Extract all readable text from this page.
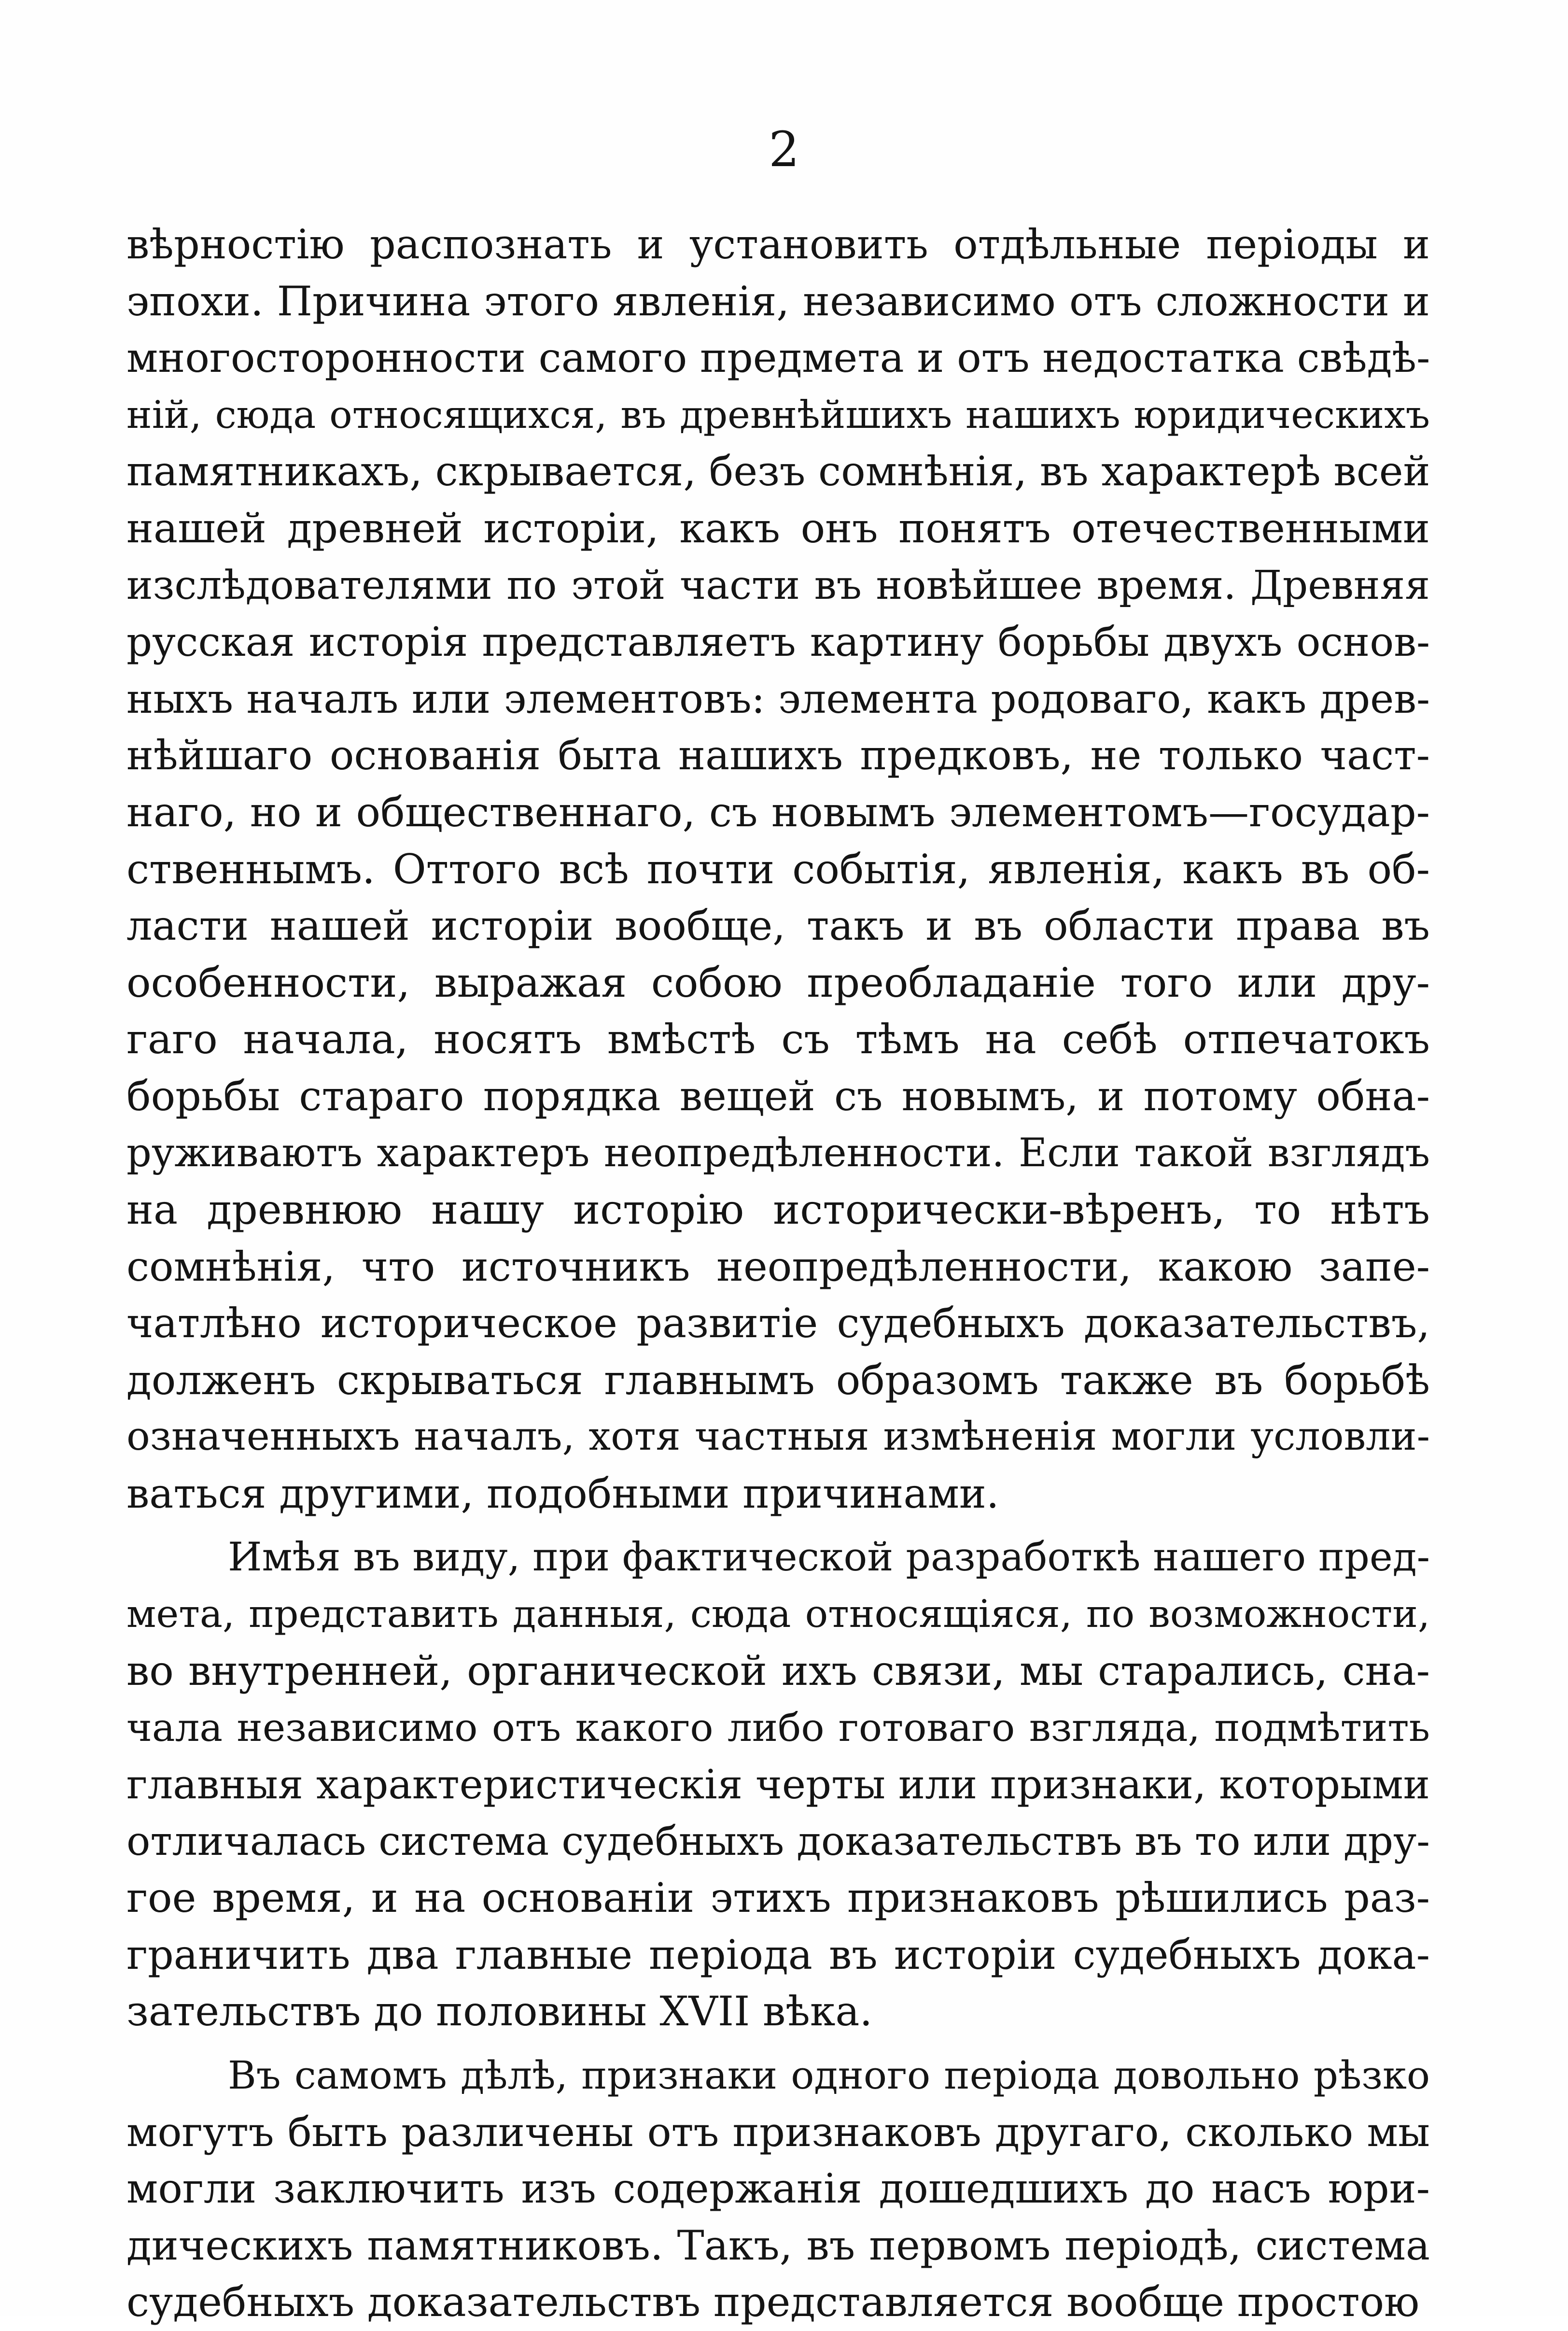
2
вѣрностію распознать и установить отдѣльные періоды и
эпохи. Причина этого явленія, независимо отъ сложности и
многосторонности самого предмета и отъ недостатка свѣдѣ-
ній, сюда относящихся, въ древнѣйшихъ нашихъ юридическихъ
памятникахъ, скрывается, безъ сомнѣнія, въ характерѣ всей
нашей древней исторіи, какъ онъ понятъ отечественными
изслѣдователями по этой части въ новѣйшее время. Древняя
русская исторія представляетъ картину борьбы двухъ основ-
ныхъ началъ или элементовъ: элемента родоваго, какъ древ-
нѣйшаго основанія быта нашихъ предковъ, не только част-
наго, но и общественнаго, съ новымъ элементомъ—государ-
ственнымъ. Оттого всѣ почти событія, явленія, какъ въ об-
ласти нашей исторіи вообще, такъ и въ области права въ
особенности, выражая собою преобладаніе того или дру-
гаго начала, носятъ вмѣстѣ съ тѣмъ на себѣ отпечатокъ
борьбы стараго порядка вещей съ новымъ, и потому обна-
руживаютъ характеръ неопредѣленности. Если такой взглядъ
на древнюю нашу исторію исторически-вѣренъ, то нѣтъ
сомнѣнія, что источникъ неопредѣленности, какою запе-
чатлѣно историческое развитіе судебныхъ доказательствъ,
долженъ скрываться главнымъ образомъ также въ борьбѣ
означенныхъ началъ, хотя частныя измѣненія могли условли-
ваться другими, подобными причинами.
Имѣя въ виду, при фактической разработкѣ нашего пред-
мета, представить данныя, сюда относящіяся, по возможности,
во внутренней, органической ихъ связи, мы старались, сна-
чала независимо отъ какого либо готоваго взгляда, подмѣтить
главныя характеристическія черты или признаки, которыми
отличалась система судебныхъ доказательствъ въ то или дру-
гое время, и на основаніи этихъ признаковъ рѣшились раз-
граничить два главные періода въ исторіи судебныхъ дока-
зательствъ до половины XVII вѣка.
Въ самомъ дѣлѣ, признаки одного періода довольно рѣзко
могутъ быть различены отъ признаковъ другаго, сколько мы
могли заключить изъ содержанія дошедшихъ до насъ юри-
дическихъ памятниковъ. Такъ, въ первомъ періодѣ, система
судебныхъ доказательствъ представляется вообще простою
